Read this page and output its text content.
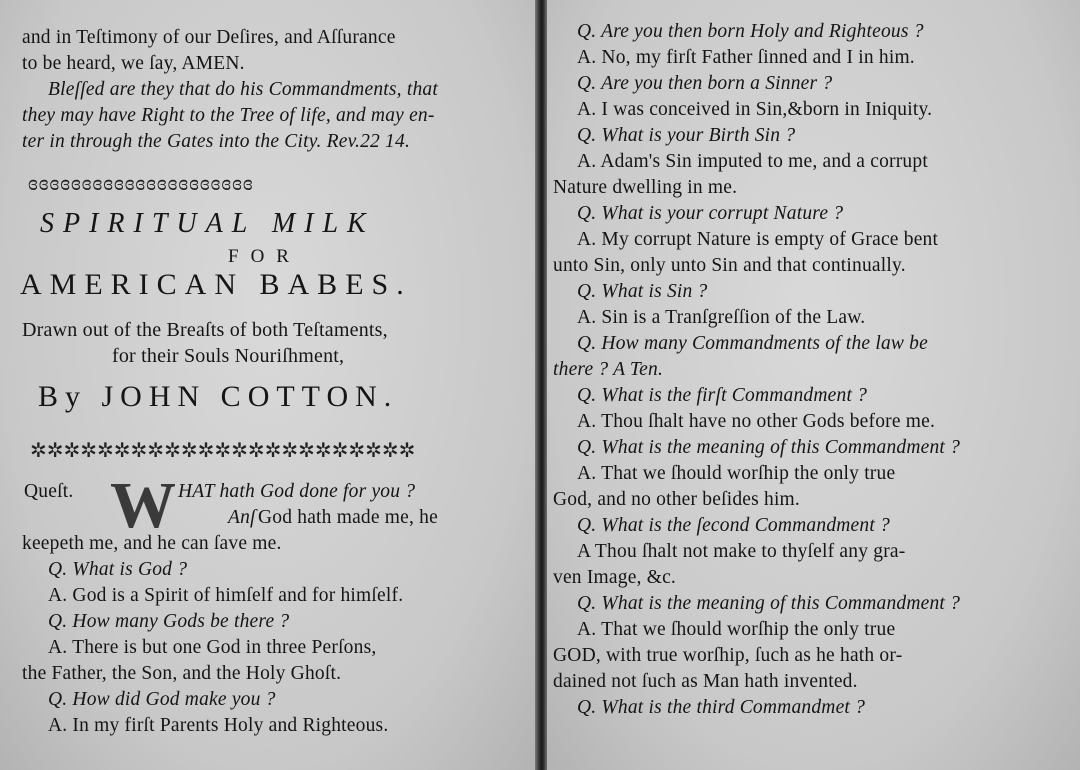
and in Teſtimony of our Deſires, and Aſſurance
to be heard, we ſay, AMEN.
Bleſſed are they that do his Commandments, that
they may have Right to the Tree of life, and may en-
ter in through the Gates into the City. Rev.22 14.
ɞɞɞɞɞɞɞɞɞɞɞɞɞɞɞɞɞɞɞɞɞ
SPIRITUAL MILK
FOR
AMERICAN BABES.
Drawn out of the Breaſts of both Teſtaments,
for their Souls Nouriſhment,
By JOHN COTTON.
✲✲✲✲✲✲✲✲✲✲✲✲✲✲✲✲✲✲✲✲✲✲✲
Queſt. W HAT hath God done for you ?
Anſ God hath made me, he
keepeth me, and he can ſave me.
Q. What is God ?
A. God is a Spirit of himſelf and for himſelf.
Q. How many Gods be there ?
A. There is but one God in three Perſons,
the Father, the Son, and the Holy Ghoſt.
Q. How did God make you ?
A. In my firſt Parents Holy and Righteous.
Q. Are you then born Holy and Righteous ?
A. No, my firſt Father ſinned and I in him.
Q. Are you then born a Sinner ?
A. I was conceived in Sin,&born in Iniquity.
Q. What is your Birth Sin ?
A. Adam's Sin imputed to me, and a corrupt
Nature dwelling in me.
Q. What is your corrupt Nature ?
A. My corrupt Nature is empty of Grace bent
unto Sin, only unto Sin and that continually.
Q. What is Sin ?
A. Sin is a Tranſgreſſion of the Law.
Q. How many Commandments of the law be
there ? A Ten.
Q. What is the firſt Commandment ?
A. Thou ſhalt have no other Gods before me.
Q. What is the meaning of this Commandment ?
A. That we ſhould worſhip the only true
God, and no other beſides him.
Q. What is the ſecond Commandment ?
A Thou ſhalt not make to thyſelf any gra-
ven Image, &c.
Q. What is the meaning of this Commandment ?
A. That we ſhould worſhip the only true
GOD, with true worſhip, ſuch as he hath or-
dained not ſuch as Man hath invented.
Q. What is the third Commandmet ?
